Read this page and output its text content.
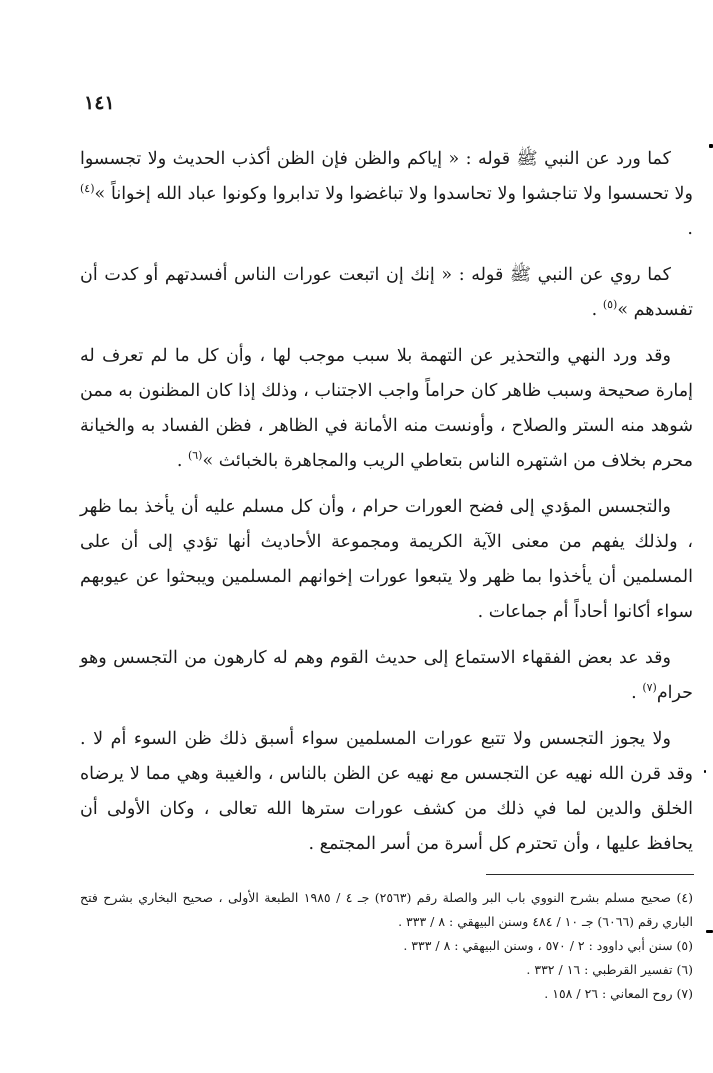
١٤١

كما ورد عن النبي ﷺ قوله : « إياكم والظن فإن الظن أكذب الحديث ولا تجسسوا ولا تحسسوا ولا تناجشوا ولا تحاسدوا ولا تباغضوا ولا تدابروا وكونوا عباد الله إخواناً »$^{(٤)}$ .

كما روي عن النبي ﷺ قوله : « إنك إن اتبعت عورات الناس أفسدتهم أو كدت أن تفسدهم »$^{(٥)}$ .

وقد ورد النهي والتحذير عن التهمة بلا سبب موجب لها ، وأن كل ما لم تعرف له إمارة صحيحة وسبب ظاهر كان حراماً واجب الاجتناب ، وذلك إذا كان المظنون به ممن شوهد منه الستر والصلاح ، وأونست منه الأمانة في الظاهر ، فظن الفساد به والخيانة محرم بخلاف من اشتهره الناس بتعاطي الريب والمجاهرة بالخبائث »$^{(٦)}$ .

والتجسس المؤدي إلى فضح العورات حرام ، وأن كل مسلم عليه أن يأخذ بما ظهر ، ولذلك يفهم من معنى الآية الكريمة ومجموعة الأحاديث أنها تؤدي إلى أن على المسلمين أن يأخذوا بما ظهر ولا يتبعوا عورات إخوانهم المسلمين ويبحثوا عن عيوبهم سواء أكانوا أحاداً أم جماعات .

وقد عد بعض الفقهاء الاستماع إلى حديث القوم وهم له كارهون من التجسس وهو حرام$^{(٧)}$ .

ولا يجوز التجسس ولا تتبع عورات المسلمين سواء أسبق ذلك ظن السوء أم لا . وقد قرن الله نهيه عن التجسس مع نهيه عن الظن بالناس ، والغيبة وهي مما لا يرضاه الخلق والدين لما في ذلك من كشف عورات سترها الله تعالى ، وكان الأولى أن يحافظ عليها ، وأن تحترم كل أسرة من أسر المجتمع .

(٤) صحيح مسلم بشرح النووي باب البر والصلة رقم (٢٥٦٣) جـ ٤ / ١٩٨٥ الطبعة الأولى ، صحيح البخاري بشرح فتح الباري رقم (٦٠٦٦) جـ ١٠ / ٤٨٤ وسنن البيهقي : ٨ / ٣٣٣ .

(٥) سنن أبي داوود : ٢ / ٥٧٠ ، وسنن البيهقي : ٨ / ٣٣٣ .

(٦) تفسير القرطبي : ١٦ / ٣٣٢ .

(٧) روح المعاني : ٢٦ / ١٥٨ .
